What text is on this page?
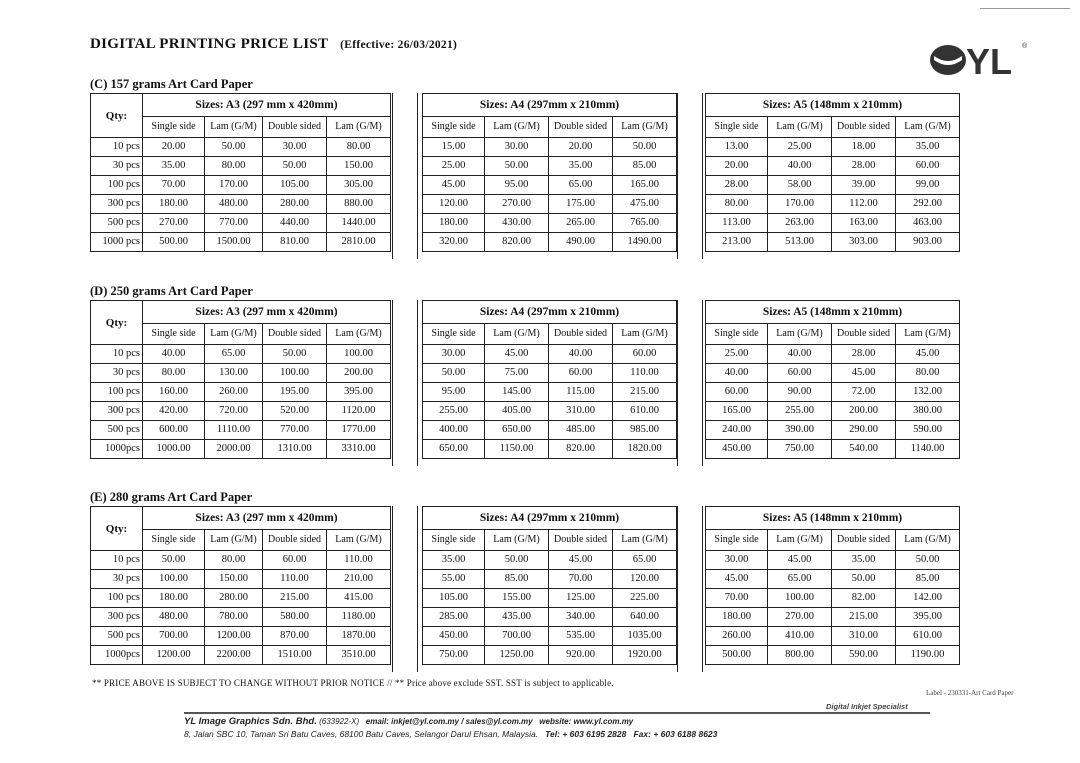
DIGITAL PRINTING PRICE LIST (Effective: 26/03/2021)	YL ®
(C) 157 grams Art Card Paper
Qty:	Sizes: A3 (297 mm x 420mm)			
	Single side	Lam (G/M)	Double sided	Lam (G/M)
10 pcs	20.00	50.00	30.00	80.00
30 pcs	35.00	80.00	50.00	150.00
100 pcs	70.00	170.00	105.00	305.00
300 pcs	180.00	480.00	280.00	880.00
500 pcs	270.00	770.00	440.00	1440.00
1000 pcs	500.00	1500.00	810.00	2810.00
Sizes: A4 (297mm x 210mm)			
Single side	Lam (G/M)	Double sided	Lam (G/M)
15.00	30.00	20.00	50.00
25.00	50.00	35.00	85.00
45.00	95.00	65.00	165.00
120.00	270.00	175.00	475.00
180.00	430.00	265.00	765.00
320.00	820.00	490.00	1490.00
Sizes: A5 (148mm x 210mm)			
Single side	Lam (G/M)	Double sided	Lam (G/M)
13.00	25.00	18.00	35.00
20.00	40.00	28.00	60.00
28.00	58.00	39.00	99.00
80.00	170.00	112.00	292.00
113.00	263.00	163.00	463.00
213.00	513.00	303.00	903.00
(D) 250 grams Art Card Paper
Qty:	Sizes: A3 (297 mm x 420mm)			
	Single side	Lam (G/M)	Double sided	Lam (G/M)
10 pcs	40.00	65.00	50.00	100.00
30 pcs	80.00	130.00	100.00	200.00
100 pcs	160.00	260.00	195.00	395.00
300 pcs	420.00	720.00	520.00	1120.00
500 pcs	600.00	1110.00	770.00	1770.00
1000pcs	1000.00	2000.00	1310.00	3310.00
Sizes: A4 (297mm x 210mm)			
Single side	Lam (G/M)	Double sided	Lam (G/M)
30.00	45.00	40.00	60.00
50.00	75.00	60.00	110.00
95.00	145.00	115.00	215.00
255.00	405.00	310.00	610.00
400.00	650.00	485.00	985.00
650.00	1150.00	820.00	1820.00
Sizes: A5 (148mm x 210mm)			
Single side	Lam (G/M)	Double sided	Lam (G/M)
25.00	40.00	28.00	45.00
40.00	60.00	45.00	80.00
60.00	90.00	72.00	132.00
165.00	255.00	200.00	380.00
240.00	390.00	290.00	590.00
450.00	750.00	540.00	1140.00
(E) 280 grams Art Card Paper
Qty:	Sizes: A3 (297 mm x 420mm)			
	Single side	Lam (G/M)	Double sided	Lam (G/M)
10 pcs	50.00	80.00	60.00	110.00
30 pcs	100.00	150.00	110.00	210.00
100 pcs	180.00	280.00	215.00	415.00
300 pcs	480.00	780.00	580.00	1180.00
500 pcs	700.00	1200.00	870.00	1870.00
1000pcs	1200.00	2200.00	1510.00	3510.00
Sizes: A4 (297mm x 210mm)			
Single side	Lam (G/M)	Double sided	Lam (G/M)
35.00	50.00	45.00	65.00
55.00	85.00	70.00	120.00
105.00	155.00	125.00	225.00
285.00	435.00	340.00	640.00
450.00	700.00	535.00	1035.00
750.00	1250.00	920.00	1920.00
Sizes: A5 (148mm x 210mm)			
Single side	Lam (G/M)	Double sided	Lam (G/M)
30.00	45.00	35.00	50.00
45.00	65.00	50.00	85.00
70.00	100.00	82.00	142.00
180.00	270.00	215.00	395.00
260.00	410.00	310.00	610.00
500.00	800.00	590.00	1190.00
** PRICE ABOVE IS SUBJECT TO CHANGE WITHOUT PRIOR NOTICE // ** Price above exclude SST. SST is subject to applicable.
Label - 230331-Art Card Paper
Digital Inkjet Specialist
YL Image Graphics Sdn. Bhd. (633922-X) email: inkjet@yl.com.my / sales@yl.com.my website: www.yl.com.my
8, Jalan SBC 10, Taman Sri Batu Caves, 68100 Batu Caves, Selangor Darul Ehsan, Malaysia. Tel: + 603 6195 2828 Fax: + 603 6188 8623
